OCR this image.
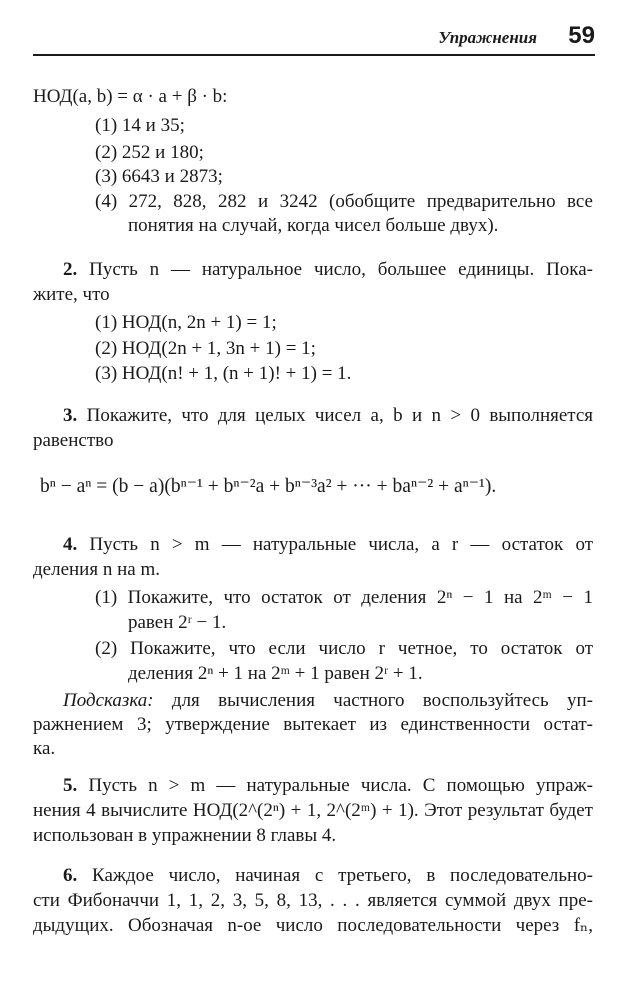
Упражнения 59
НОД(a, b) = α · a + β · b:
(1) 14 и 35;
(2) 252 и 180;
(3) 6643 и 2873;
(4) 272, 828, 282 и 3242 (обобщите предварительно все
понятия на случай, когда чисел больше двух).
2. Пусть n — натуральное число, большее единицы. Пока-
жите, что
(1) НОД(n, 2n + 1) = 1;
(2) НОД(2n + 1, 3n + 1) = 1;
(3) НОД(n! + 1, (n + 1)! + 1) = 1.
3. Покажите, что для целых чисел a, b и n > 0 выполняется
равенство
bⁿ − aⁿ = (b − a)(bⁿ⁻¹ + bⁿ⁻²a + bⁿ⁻³a² + ··· + baⁿ⁻² + aⁿ⁻¹).
4. Пусть n > m — натуральные числа, а r — остаток от
деления n на m.
(1) Покажите, что остаток от деления 2ⁿ − 1 на 2ᵐ − 1
равен 2ʳ − 1.
(2) Покажите, что если число r четное, то остаток от
деления 2ⁿ + 1 на 2ᵐ + 1 равен 2ʳ + 1.
Подсказка: для вычисления частного воспользуйтесь уп-
ражнением 3; утверждение вытекает из единственности остат-
ка.
5. Пусть n > m — натуральные числа. С помощью упраж-
нения 4 вычислите НОД(2^(2ⁿ) + 1, 2^(2ᵐ) + 1). Этот результат будет
использован в упражнении 8 главы 4.
6. Каждое число, начиная с третьего, в последовательно-
сти Фибоначчи 1, 1, 2, 3, 5, 8, 13, . . . является суммой двух пре-
дыдущих. Обозначая n-ое число последовательности через fₙ,
